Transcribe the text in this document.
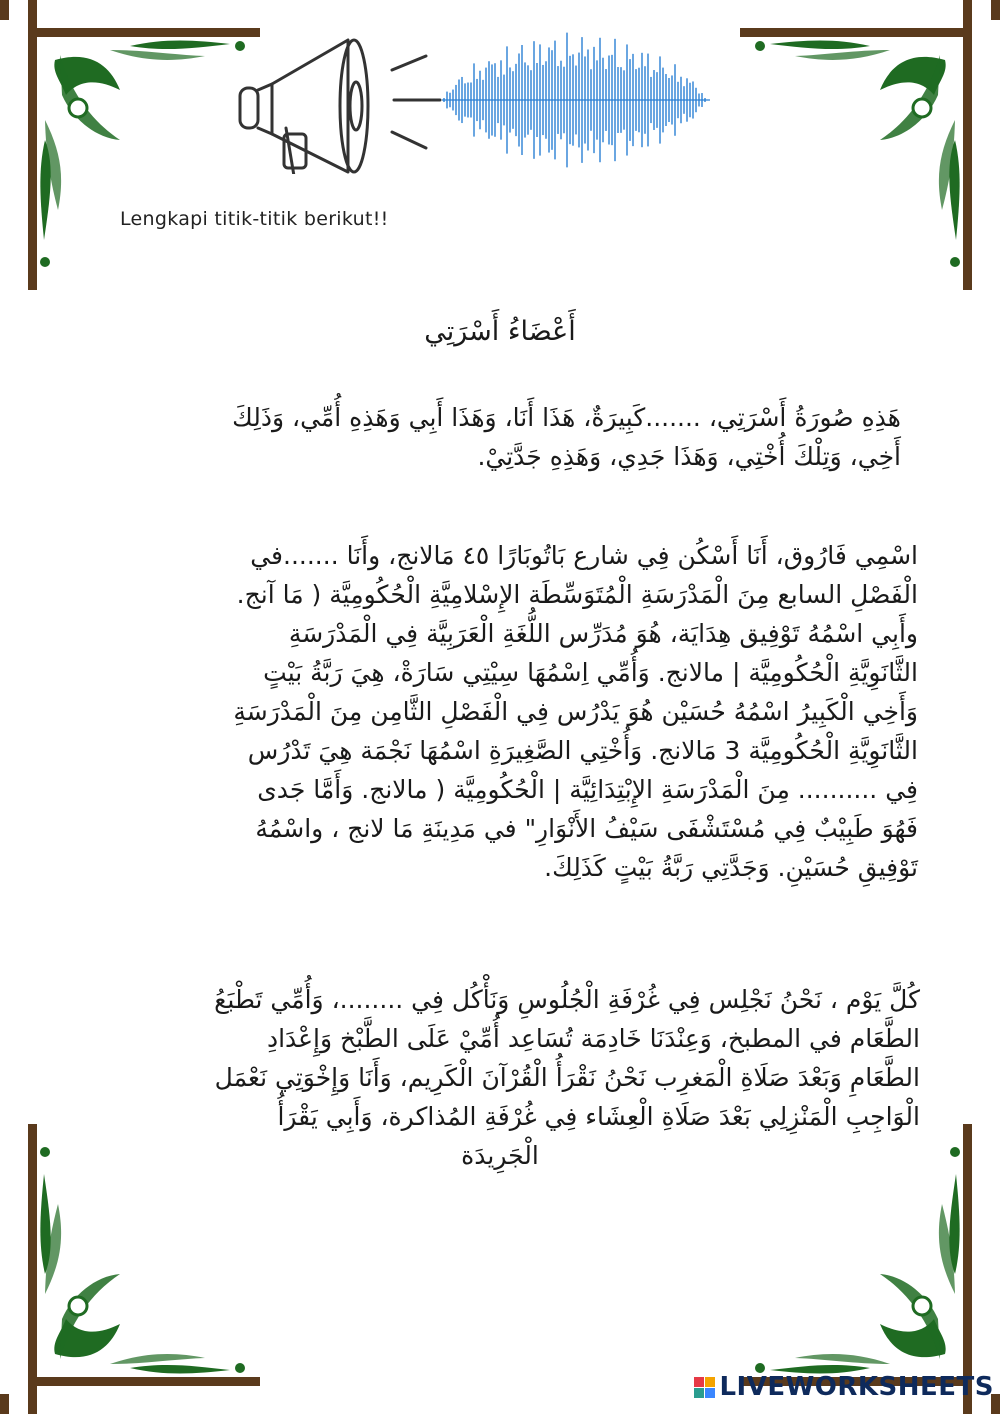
Lengkapi titik-titik berikut!!
أَعْضَاءُ أَسْرَتِي
هَذِهِ صُورَةُ أَسْرَتِي، .......كَبِيرَةٌ، هَذَا أَنَا، وَهَذَا أَبِي وَهَذِهِ أُمِّي، وَذَلِكَ
أَخِي، وَتِلْكَ أُخْتِي، وَهَذَا جَدِي، وَهَذِهِ جَدَّتِيْ.
اسْمِي فَارُوق، أَنَا أَسْكُن فِي شارع بَاتُوبَارًا ٤٥ مَالانج، وأَنَا .......في
الْفَصْلِ السابع مِنَ الْمَدْرَسَةِ الْمُتَوَسِّطَة الإِسْلامِيَّةِ الْحُكُومِيَّة ( مَا آنج.
وأَبِي اسْمُهُ تَوْفِيق هِدَايَة، هُوَ مُدَرِّس اللُّغَةِ الْعَرَبِيَّة فِي الْمَدْرَسَةِ
الثَّانَوِيَّةِ الْحُكُومِيَّة | مالانج. وَأُمِّي اِسْمُهَا سِيْتِي سَارَةْ، هِيَ رَبَّةُ بَيْتٍ
وَأَخِي الْكَبِيرُ اسْمُهُ حُسَيْن هُوَ يَدْرُس فِي الْفَصْلِ الثَّامِن مِنَ الْمَدْرَسَةِ
الثَّانَوِيَّةِ الْحُكُومِيَّة 3 مَالانج. وَأُخْتِي الصَّغِيرَةِ اسْمُهَا نَجْمَة هِيَ تَدْرُس
فِي .......... مِنَ الْمَدْرَسَةِ الإِبْتِدَائِيَّة | الْحُكُومِيَّة ( مالانج. وَأَمَّا جَدى
فَهُوَ طَبِيْبٌ فِي مُسْتَشْفَى سَيْفُ الأَنْوَارِ" في مَدِينَةِ مَا لانج ، واسْمُهُ
تَوْفِيقِ حُسَيْنِ. وَجَدَّتِي رَبَّةُ بَيْتٍ كَذَلِكَ.
كُلَّ يَوْم ، نَحْنُ نَجْلِس فِي غُرْفَةِ الْجُلُوسِ وَنَأْكُل فِي ........، وَأُمِّي تَطْبَعُ
الطَّعَام في المطبخ، وَعِنْدَنَا خَادِمَة تُسَاعِد أُمِّيْ عَلَى الطَّبْخ وَإِعْدَادِ
الطَّعَامِ وَبَعْدَ صَلَاةِ الْمَغرِب نَحْنُ نَقْرَأُ الْقُرْآنَ الْكَرِيم، وَأَنَا وَإِخْوَتِي نَعْمَل
الْوَاجِبِ الْمَنْزِلِي بَعْدَ صَلَاةِ الْعِشَاء فِي غُرْفَةِ المُذاكرة، وَأَبِي يَقْرَأُ
الْجَرِيدَة
LIVEWORKSHEETS
